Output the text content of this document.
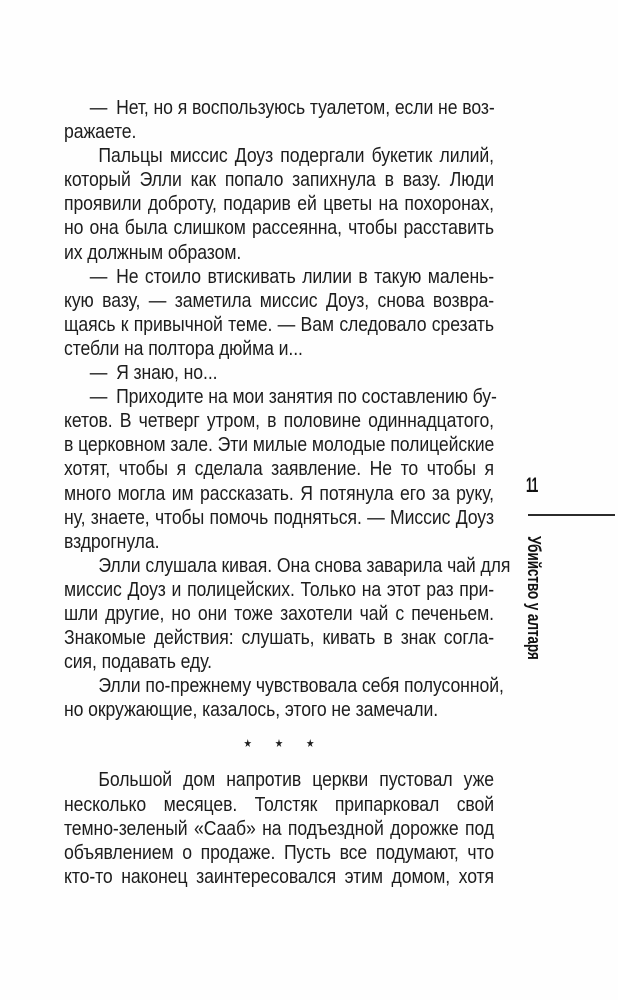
— Нет, но я воспользуюсь туалетом, если не воз-
ражаете.
Пальцы миссис Доуз подергали букетик лилий,
который Элли как попало запихнула в вазу. Люди
проявили доброту, подарив ей цветы на похоронах,
но она была слишком рассеянна, чтобы расставить
их должным образом.
— Не стоило втискивать лилии в такую малень-
кую вазу, — заметила миссис Доуз, снова возвра-
щаясь к привычной теме. — Вам следовало срезать
стебли на полтора дюйма и...
— Я знаю, но...
— Приходите на мои занятия по составлению бу-
кетов. В четверг утром, в половине одиннадцатого,
в церковном зале. Эти милые молодые полицейские
хотят, чтобы я сделала заявление. Не то чтобы я
много могла им рассказать. Я потянула его за руку,
ну, знаете, чтобы помочь подняться. — Миссис Доуз
вздрогнула.
Элли слушала кивая. Она снова заварила чай для
миссис Доуз и полицейских. Только на этот раз при-
шли другие, но они тоже захотели чай с печеньем.
Знакомые действия: слушать, кивать в знак согла-
сия, подавать еду.
Элли по-прежнему чувствовала себя полусонной,
но окружающие, казалось, этого не замечали.
★ ★ ★
Большой дом напротив церкви пустовал уже
несколько месяцев. Толстяк припарковал свой
темно-зеленый «Сааб» на подъездной дорожке под
объявлением о продаже. Пусть все подумают, что
кто-то наконец заинтересовался этим домом, хотя
11
Убийство у алтаря
